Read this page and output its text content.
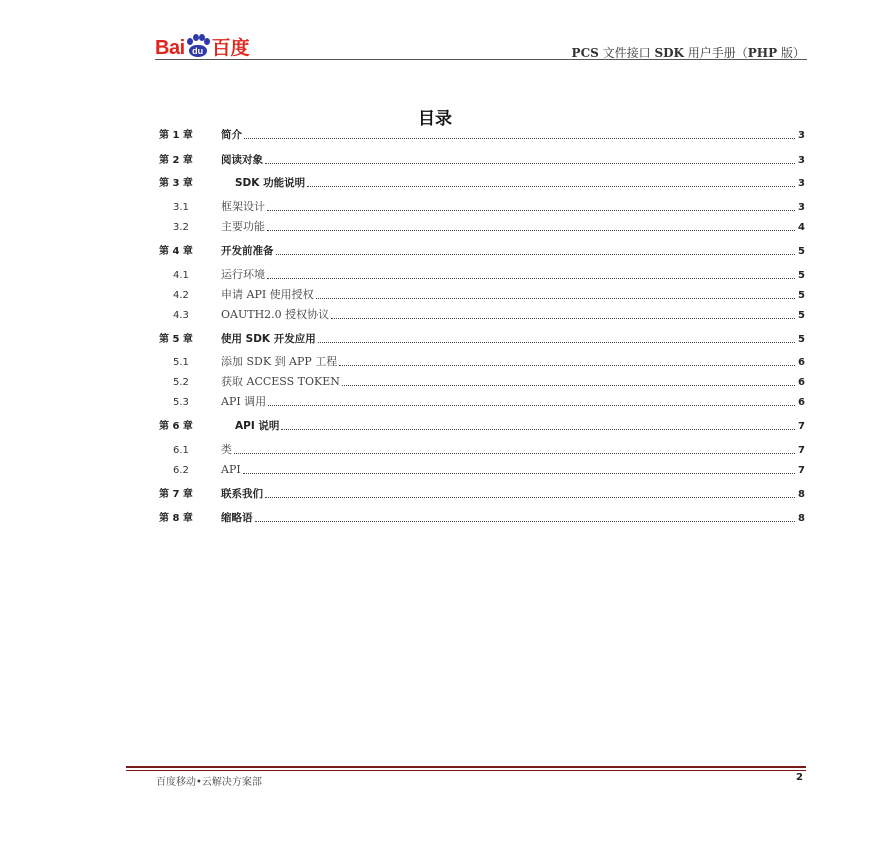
Bai du 百度	PCS 文件接口 SDK 用户手册（PHP 版）
目录
第 1 章	简介	3
第 2 章	阅读对象	3
第 3 章	SDK 功能说明	3
3.1	框架设计	3
3.2	主要功能	4
第 4 章	开发前准备	5
4.1	运行环境	5
4.2	申请 API 使用授权	5
4.3	OAUTH2.0 授权协议	5
第 5 章	使用 SDK 开发应用	5
5.1	添加 SDK 到 APP 工程	6
5.2	获取 ACCESS TOKEN	6
5.3	API 调用	6
第 6 章	API 说明	7
6.1	类	7
6.2	API	7
第 7 章	联系我们	8
第 8 章	缩略语	8
百度移动•云解决方案部	2
